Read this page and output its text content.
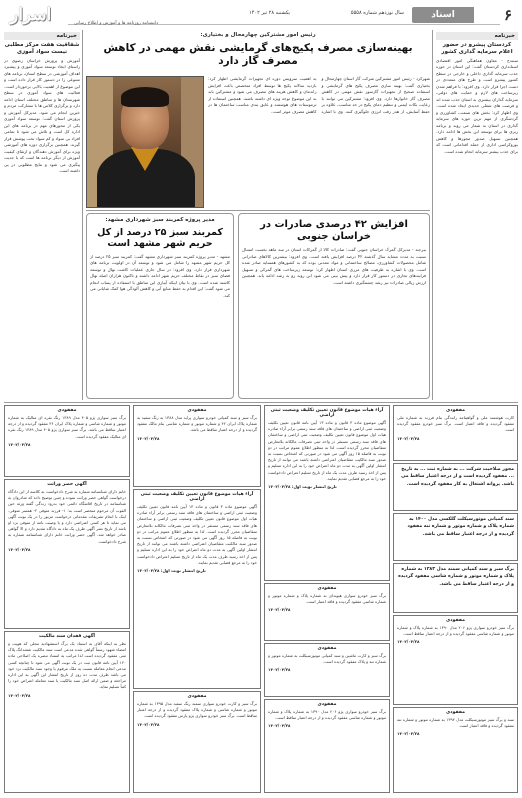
اسرار	دانشنامه روزنامه ها و آموزش و اطلاع رسانی
یکشنبه ۲۸ تیر ۱۴۰۲	سال نوزدهم شماره ۵۵۵۸	اسناد	۶
خبرنامه
شفافیت هفت مرکز مطلبی نیست سواد آموزی
آموزش و پرورش خراسان رضوی در راستای ایجاد توسعه سواد آموزی و پیشبرد اهداف آموزشی در سطح استان، برنامه های متنوعی را در دستور کار قرار داده است و این موضوع از اهمیت بالایی برخوردار است. فعالیت های سواد آموزی در سطح شهرستان ها و مناطق مختلف استان ادامه دارد و برگزاری کلاس ها با مشارکت مردم و خیرین انجام می شود. مدیرکل آموزش و پرورش استان گفت: توسعه سواد آموزی یکی از محورهای مهم در برنامه های این اداره کل است و تلاش می شود تا تمامی افراد بی سواد و کم سواد تحت پوشش قرار گیرند. همچنین برگزاری دوره های آموزشی ویژه برای آموزش دهندگان و ارتقای کیفیت آموزش از دیگر برنامه ها است که با جدیت پیگیری می شود و نتایج مطلوبی در پی داشته است.
خبرنامه
کردستان پیشرو در حضور اعلام سرمایه گذاری کشور
سنندج - معاون هماهنگی امور اقتصادی استانداری کردستان گفت: این استان در حوزه جذب سرمایه گذاری داخلی و خارجی در سطح کشور پیشرو است و طرح های متعددی در دست اجرا قرار دارد. وی افزود: با فراهم شدن زیرساخت های لازم و حمایت های دولتی، سرمایه گذاران بیشتری به استان جذب شده اند و فرصت های شغلی جدیدی ایجاد شده است. وی اظهار کرد: بخش های صنعت، کشاورزی و گردشگری از مهم ترین حوزه های سرمایه گذاری در استان به شمار می روند و برنامه ریزی ها برای توسعه این بخش ها ادامه دارد. همچنین تسهیل صدور مجوزها و کاهش بوروکراسی اداری از جمله اقداماتی است که برای جذب بیشتر سرمایه انجام شده است.
رئیس امور مشترکین چهارمحال و بختیاری:
بهینه‌سازی مصرف پکیج‌های گرمایشی نقش مهمی در کاهش مصرف گاز دارد
شهرکرد - رئیس امور مشترکین شرکت گاز استان چهارمحال و بختیاری گفت: بهینه سازی مصرف پکیج های گرمایشی و استفاده صحیح از تجهیزات گازسوز نقش مهمی در کاهش مصرف گاز خانوارها دارد. وی افزود: مشترکین می توانند با رعایت نکات ایمنی و تنظیم دمای پکیج در حد مناسب، علاوه بر حفظ آسایش، از هدر رفت انرژی جلوگیری کنند. وی با اشاره به اهمیت سرویس دوره ای تجهیزات گرمایشی اظهار کرد: بازدید سالانه پکیج ها توسط افراد متخصص باعث افزایش راندمان و کاهش هزینه های مصرف می شود و مشترکین باید به این موضوع توجه ویژه ای داشته باشند. همچنین استفاده از ترموستات های هوشمند و عایق بندی مناسب ساختمان ها در کاهش مصرف موثر است.
مدیر پروژه کمربند سبز شهرداری مشهد:
کمربند سبز ۲۵ درصد از کل حریم شهر مشهد است
مشهد - مدیر پروژه کمربند سبز شهرداری مشهد گفت: کمربند سبز ۲۵ درصد از کل حریم شهر مشهد را شامل می شود و توسعه آن در اولویت برنامه های شهرداری قرار دارد. وی افزود: در سال جاری عملیات کاشت نهال و توسعه فضای سبز در نقاط مختلف حریم شهر ادامه داشته و تاکنون هزاران اصله نهال کاشته شده است. وی با بیان اینکه آبیاری این مناطق با استفاده از پساب انجام می شود گفت: این اقدام به حفظ منابع آبی و کاهش آلودگی هوا کمک شایانی می کند.
افزایش ۴۲ درصدی صادرات در خراسان جنوبی
بیرجند - مدیرکل گمرک خراسان جنوبی گفت: صادرات کالا از گمرکات استان در سه ماهه نخست امسال نسبت به مدت مشابه سال گذشته ۴۲ درصد افزایش یافته است. وی افزود: بیشترین کالاهای صادراتی شامل محصولات کشاورزی، مصالح ساختمانی و مواد معدنی بوده که به کشورهای همسایه صادر شده است. وی با اشاره به ظرفیت های مرزی استان اظهار کرد: توسعه زیرساخت های گمرکی و تسهیل فرایندهای تجاری در دستور کار قرار دارد و پیش بینی می شود این روند رو به رشد ادامه یابد. همچنین ارزش ریالی صادرات نیز رشد چشمگیری داشته است.
مفقودی
برگ سبز سواری پژو ۴۰۵ مدل ۱۳۸۹ رنگ نقره ای متالیک به شماره موتور و شماره شاسی و شماره پلاک ایران ۳۶ مفقود گردیده و از درجه اعتبار ساقط می باشد. برگ سبز سواری پژو ۴۰۵ مدل ۱۳۸۹ رنگ نقره ای متالیک مفقود گردیده است.
۱۴۰۲/۰۴/۲۸
آگهی حصر وراثت
خانم دارای شناسنامه شماره به شرح دادخواست به کلاسه از این دادگاه درخواست گواهی حصر وراثت نموده و چنین توضیح داده که شادروان به شناسنامه در تاریخ اقامتگاه دائمی خود بدرود زندگی گفته ورثه حین الفوت آن مرحوم منحصر است به: ۱- فرزند متوفی ۲- همسر متوفی. اینک با انجام تشریفات مقدماتی درخواست مزبور را در یک نوبت آگهی می نماید تا هر کسی اعتراضی دارد و یا وصیت نامه از متوفی نزد او باشد از تاریخ نشر آگهی ظرف یک ماه به دادگاه تقدیم دارد و الا گواهی صادر خواهد شد. آگهی حصر وراثت خانم دارای شناسنامه شماره به شرح دادخواست.
۱۴۰۲/۰۴/۲۸
آگهی فقدان سند مالکیت
نظر به اینکه آقای به استناد یک برگ استشهادیه محلی که هویت و امضاء شهود رسماً گواهی شده مدعی است سند مالکیت ششدانگ پلاک ثبتی مفقود گردیده است لذا مراتب به استناد تبصره یک اصلاحی ماده ۱۲۰ آیین نامه قانون ثبت در یک نوبت آگهی می شود تا چنانچه کسی مدعی انجام معامله نسبت به ملک مرقوم یا وجود سند مالکیت نزد خود می باشد ظرف مدت ده روز از تاریخ انتشار این آگهی به این اداره مراجعه و ضمن ارائه اصل سند مالکیت یا سند معامله اعتراض خود را کتباً تسلیم نماید.
۱۴۰۲/۰۴/۲۸
مفقودی
برگ سبز و سند کمپانی خودرو سواری پراید مدل ۱۳۸۸ به رنگ سفید به شماره پلاک ایران ۴۲ و شماره موتور و شماره شاسی بنام مالک مفقود گردیده و از درجه اعتبار ساقط می باشد.
۱۴۰۲/۰۴/۲۸
آراء هیات موضوع قانون تعیین تکلیف وضعیت ثبتی اراضی
آگهی موضوع ماده ۳ قانون و ماده ۱۳ آیین نامه قانون تعیین تکلیف وضعیت ثبتی اراضی و ساختمان های فاقد سند رسمی برابر آراء صادره هیات اول موضوع قانون تعیین تکلیف وضعیت ثبتی اراضی و ساختمان های فاقد سند رسمی مستقر در واحد ثبتی تصرفات مالکانه بلامعارض متقاضیان محرز گردیده است. لذا به منظور اطلاع عموم مراتب در دو نوبت به فاصله ۱۵ روز آگهی می شود در صورتی که اشخاص نسبت به صدور سند مالکیت متقاضیان اعتراضی داشته باشند می توانند از تاریخ انتشار اولین آگهی به مدت دو ماه اعتراض خود را به این اداره تسلیم و پس از اخذ رسید ظرف مدت یک ماه از تاریخ تسلیم اعتراض دادخواست خود را به مرجع قضایی تقدیم نمایند.
تاریخ انتشار نوبت اول: ۱۴۰۲/۰۴/۲۸
مفقودی
برگ سبز و کارت خودرو سواری سمند رنگ سفید مدل ۱۳۹۵ به شماره موتور و شماره شاسی و شماره پلاک مفقود گردیده و از درجه اعتبار ساقط است. برگ سبز خودرو سواری پژو پارس مفقود گردیده است.
۱۴۰۲/۰۴/۲۸
آراء هیات موضوع قانون تعیین تکلیف وضعیت ثبتی اراضی
آگهی موضوع ماده ۳ قانون و ماده ۱۳ آیین نامه قانون تعیین تکلیف وضعیت ثبتی اراضی و ساختمان های فاقد سند رسمی برابر آراء صادره هیات اول موضوع قانون تعیین تکلیف وضعیت ثبتی اراضی و ساختمان های فاقد سند رسمی مستقر در واحد ثبتی تصرفات مالکانه بلامعارض متقاضیان محرز گردیده است. لذا به منظور اطلاع عموم مراتب در دو نوبت به فاصله ۱۵ روز آگهی می شود در صورتی که اشخاص نسبت به صدور سند مالکیت متقاضیان اعتراضی داشته باشند می توانند از تاریخ انتشار اولین آگهی به مدت دو ماه اعتراض خود را به این اداره تسلیم و پس از اخذ رسید ظرف مدت یک ماه از تاریخ تسلیم اعتراض دادخواست خود را به مرجع قضایی تقدیم نمایند.
تاریخ انتشار نوبت اول: ۱۴۰۲/۰۴/۲۸
مفقودی
برگ سبز خودرو سواری هیوندای به شماره پلاک و شماره موتور و شماره شاسی مفقود گردیده و فاقد اعتبار است.
۱۴۰۲/۰۴/۲۸
مفقودی
برگ سبز و کارت ماشین و سند کمپانی موتورسیکلت به شماره موتور و شماره تنه و پلاک مفقود گردیده است.
۱۴۰۲/۰۴/۲۸
مفقودی
برگ سبز خودرو سواری پژو ۲۰۶ مدل ۱۳۹۰ به شماره پلاک و شماره موتور و شماره شاسی مفقود گردیده و از درجه اعتبار ساقط است.
۱۴۰۲/۰۴/۲۸
مفقودی
کارت هوشمند ملی و گواهینامه رانندگی بنام فرزند به شماره ملی مفقود گردیده و فاقد اعتبار است. برگ سبز خودرو مفقود گردیده است.
۱۴۰۲/۰۴/۲۸
مجوز صلاحیت شرکت ... به شماره ثبت ... به تاریخ ... مفقود گردیده است و از درجه اعتبار ساقط می باشد. پروانه اشتغال به کار مفقود گردیده است.
سند کمپانی موتورسیکلت گلکسی مدل ۱۴۰۰ به شماره پلاک و شماره موتور و شماره تنه مفقود گردیده و از درجه اعتبار ساقط می باشد.
برگ سبز و سند کمپانی سمند مدل ۱۳۸۳ به شماره پلاک و شماره موتور و شماره شاسی مفقود گردیده و از درجه اعتبار ساقط می باشد.
مفقودی
برگ سبز خودرو سواری پژو ۲۰۶ مدل ۱۳۹۰ به شماره پلاک و شماره موتور و شماره شاسی مفقود گردیده و از درجه اعتبار ساقط است.
۱۴۰۲/۰۴/۲۸
مفقودی
سند و برگ سبز موتورسیکلت مدل ۱۳۹۴ به شماره موتور و شماره تنه مفقود گردیده و فاقد اعتبار است.
۱۴۰۲/۰۴/۲۸
